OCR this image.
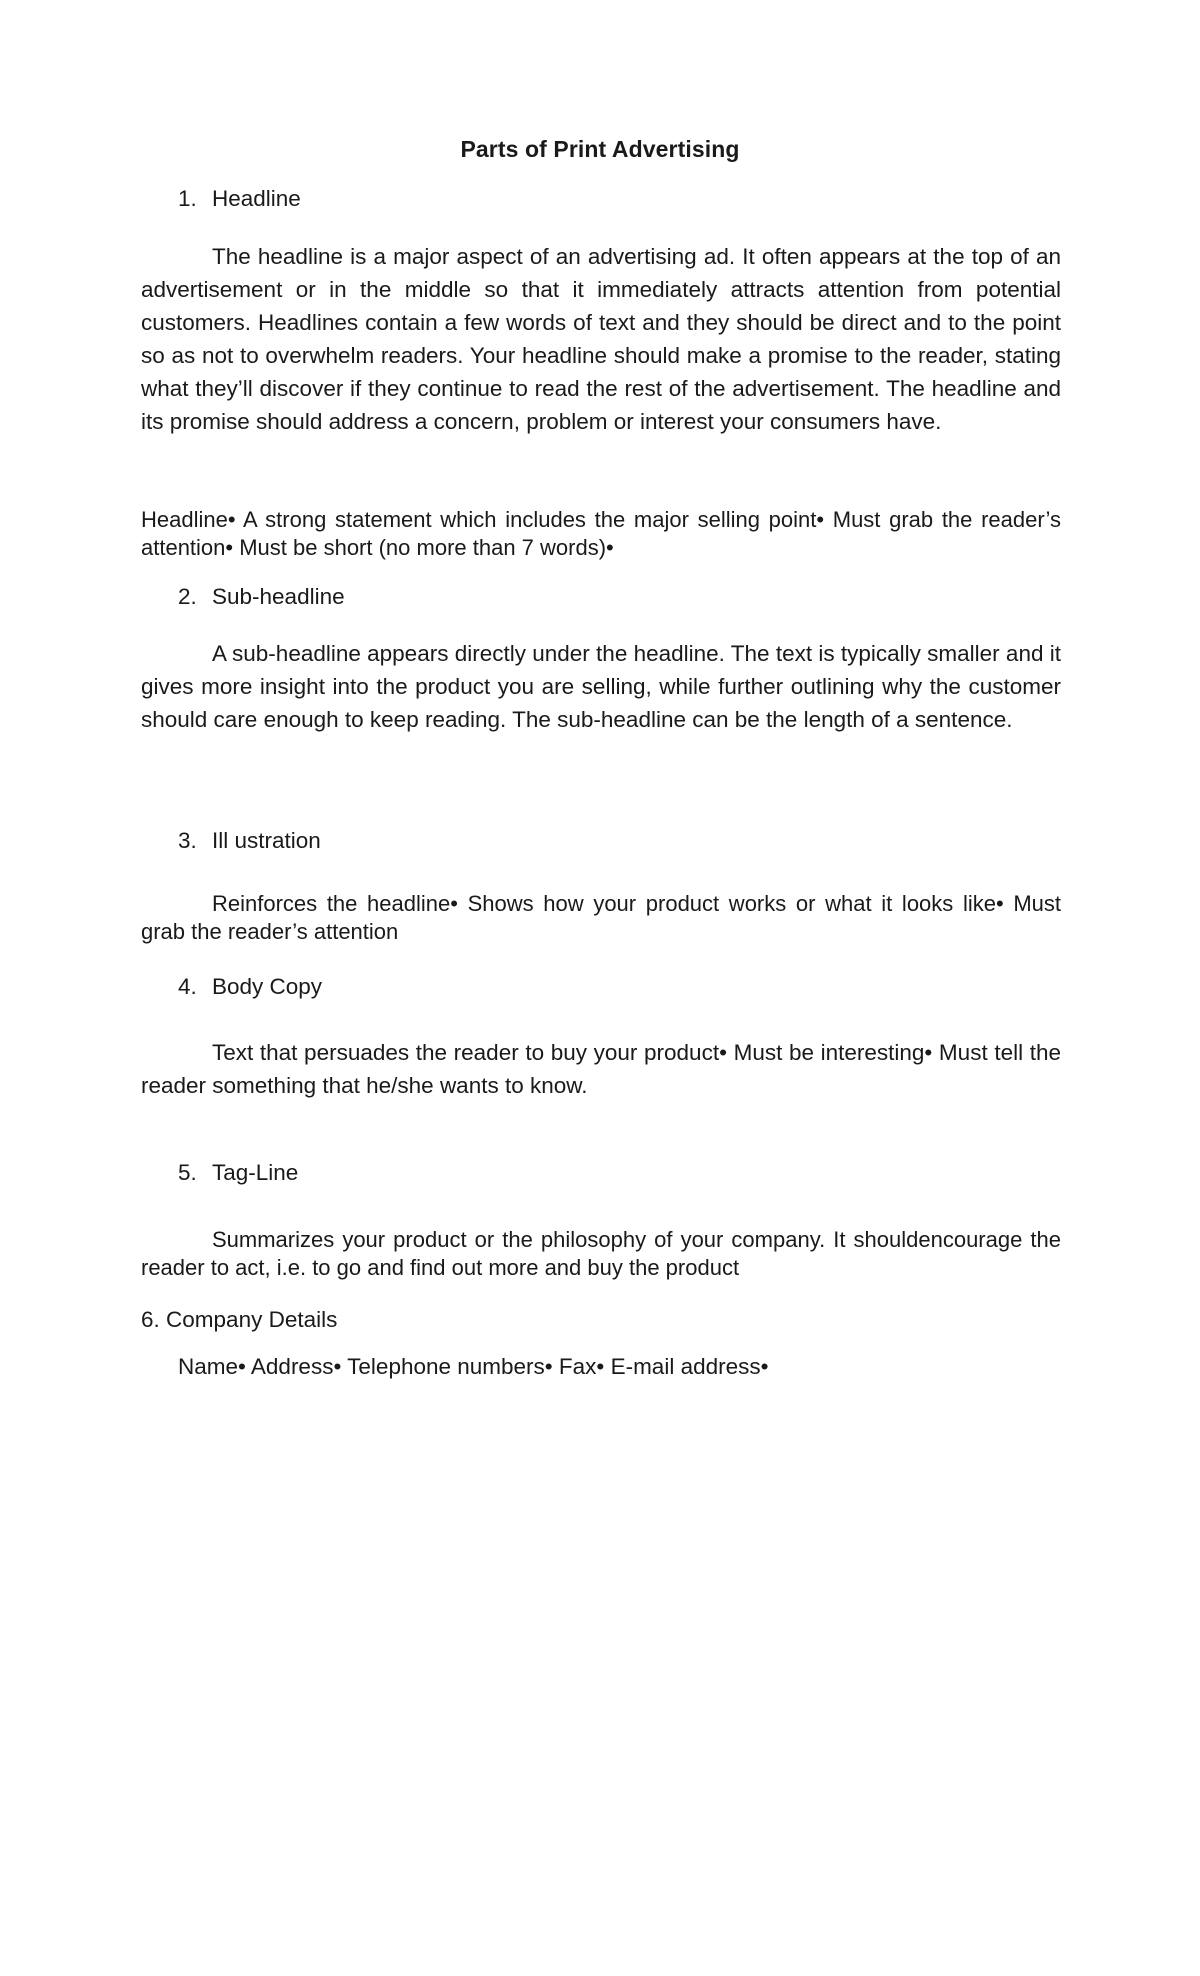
Parts of Print Advertising
1. Headline
The headline is a major aspect of an advertising ad. It often appears at the top of an advertisement or in the middle so that it immediately attracts attention from potential customers. Headlines contain a few words of text and they should be direct and to the point so as not to overwhelm readers. Your headline should make a promise to the reader, stating what they’ll discover if they continue to read the rest of the advertisement. The headline and its promise should address a concern, problem or interest your consumers have.
Headline• A strong statement which includes the major selling point• Must grab the reader’s attention• Must be short (no more than 7 words)•
2. Sub-headline
A sub-headline appears directly under the headline. The text is typically smaller and it gives more insight into the product you are selling, while further outlining why the customer should care enough to keep reading. The sub-headline can be the length of a sentence.
3. Ill ustration
Reinforces the headline• Shows how your product works or what it looks like• Must grab the reader’s attention
4. Body Copy
Text that persuades the reader to buy your product• Must be interesting• Must tell the reader something that he/she wants to know.
5. Tag-Line
Summarizes your product or the philosophy of your company. It shouldencourage the reader to act, i.e. to go and find out more and buy the product
6. Company Details
Name• Address• Telephone numbers• Fax• E-mail address•
